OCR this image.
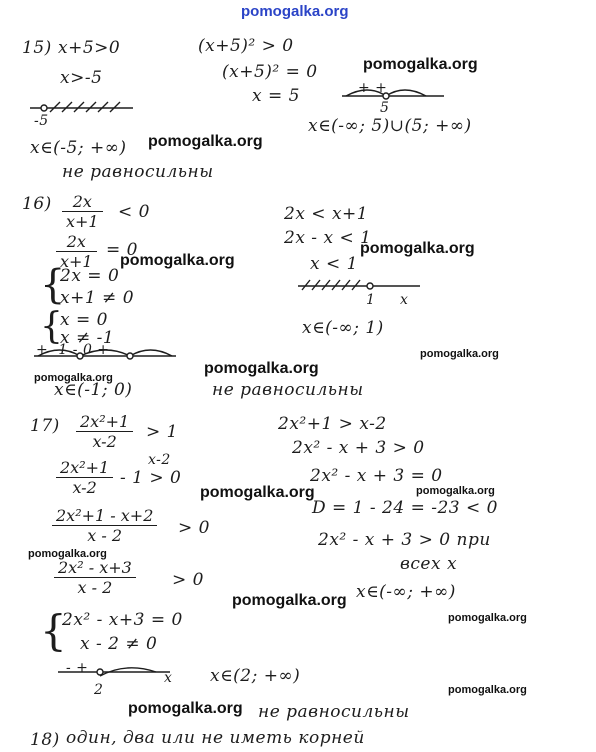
pomogalka.org
15) x+5>0
x>-5
-5
x∈(-5; +∞)
не равносильны
(x+5)² > 0
(x+5)² = 0
x = 5	+ +
5
x∈(-∞; 5)∪(5; +∞)
pomogalka.org
pomogalka.org
$16) \frac{2x}{x+1} < 0$
$\frac{2x}{x+1} = 0$
{
2x = 0
x+1 ≠ 0
{
x = 0
x ≠ -1
+ -1 - 0 +
x∈(-1; 0)
2x < x+1
2x - x < 1
x < 1
1 x
x∈(-∞; 1)
не равносильны
pomogalka.org
pomogalka.org
pomogalka.org
pomogalka.org
pomogalka.org
$17) \frac{\text{2x²+1}}{x-2} > 1$
x-2
$\frac{\text{2x²+1}}{x-2} - 1 > 0$
$\frac{\text{2x²+1 - x+2}}{x - 2} > 0$
$\frac{\text{2x² - x+3}}{x - 2} > 0$
{
2x² - x+3 = 0
x - 2 ≠ 0
- +
2
x x∈(2; +∞)
2x²+1 > x-2
2x² - x + 3 > 0
2x² - x + 3 = 0
D = 1 - 24 = -23 < 0
2x² - x + 3 > 0 при
всех x
x∈(-∞; +∞)
не равносильны
pomogalka.org	pomogalka.org
pomogalka.org
pomogalka.org
pomogalka.org
pomogalka.org
pomogalka.org
18) один, два или не иметь корней
